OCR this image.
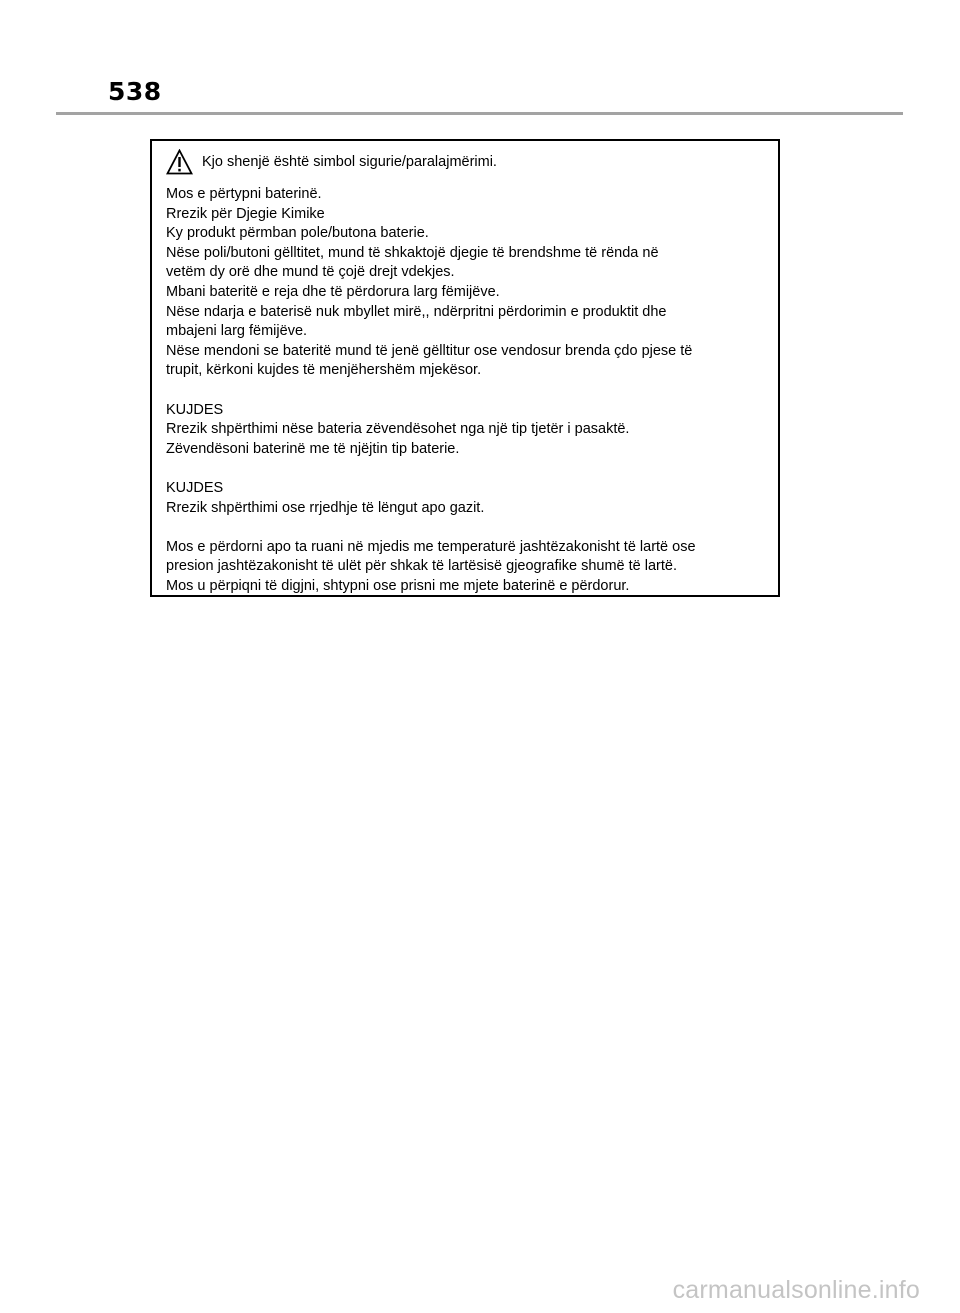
538
Kjo shenjë është simbol sigurie/paralajmërimi.

Mos e përtypni baterinë.

Rrezik për Djegie Kimike

Ky produkt përmban pole/butona baterie.

Nëse poli/butoni gëlltitet, mund të shkaktojë djegie të brendshme të rënda në

vetëm dy orë dhe mund të çojë drejt vdekjes.

Mbani bateritë e reja dhe të përdorura larg fëmijëve.

Nëse ndarja e baterisë nuk mbyllet mirë,, ndërpritni përdorimin e produktit dhe

mbajeni larg fëmijëve.

Nëse mendoni se bateritë mund të jenë gëlltitur ose vendosur brenda çdo pjese të

trupit, kërkoni kujdes të menjëhershëm mjekësor.

KUJDES

Rrezik shpërthimi nëse bateria zëvendësohet nga një tip tjetër i pasaktë.

Zëvendësoni baterinë me të njëjtin tip baterie.

KUJDES

Rrezik shpërthimi ose rrjedhje të lëngut apo gazit.

Mos e përdorni apo ta ruani në mjedis me temperaturë jashtëzakonisht të lartë ose

presion jashtëzakonisht të ulët për shkak të lartësisë gjeografike shumë të lartë.

Mos u përpiqni të digjni, shtypni ose prisni me mjete baterinë e përdorur.

carmanualsonline.info
